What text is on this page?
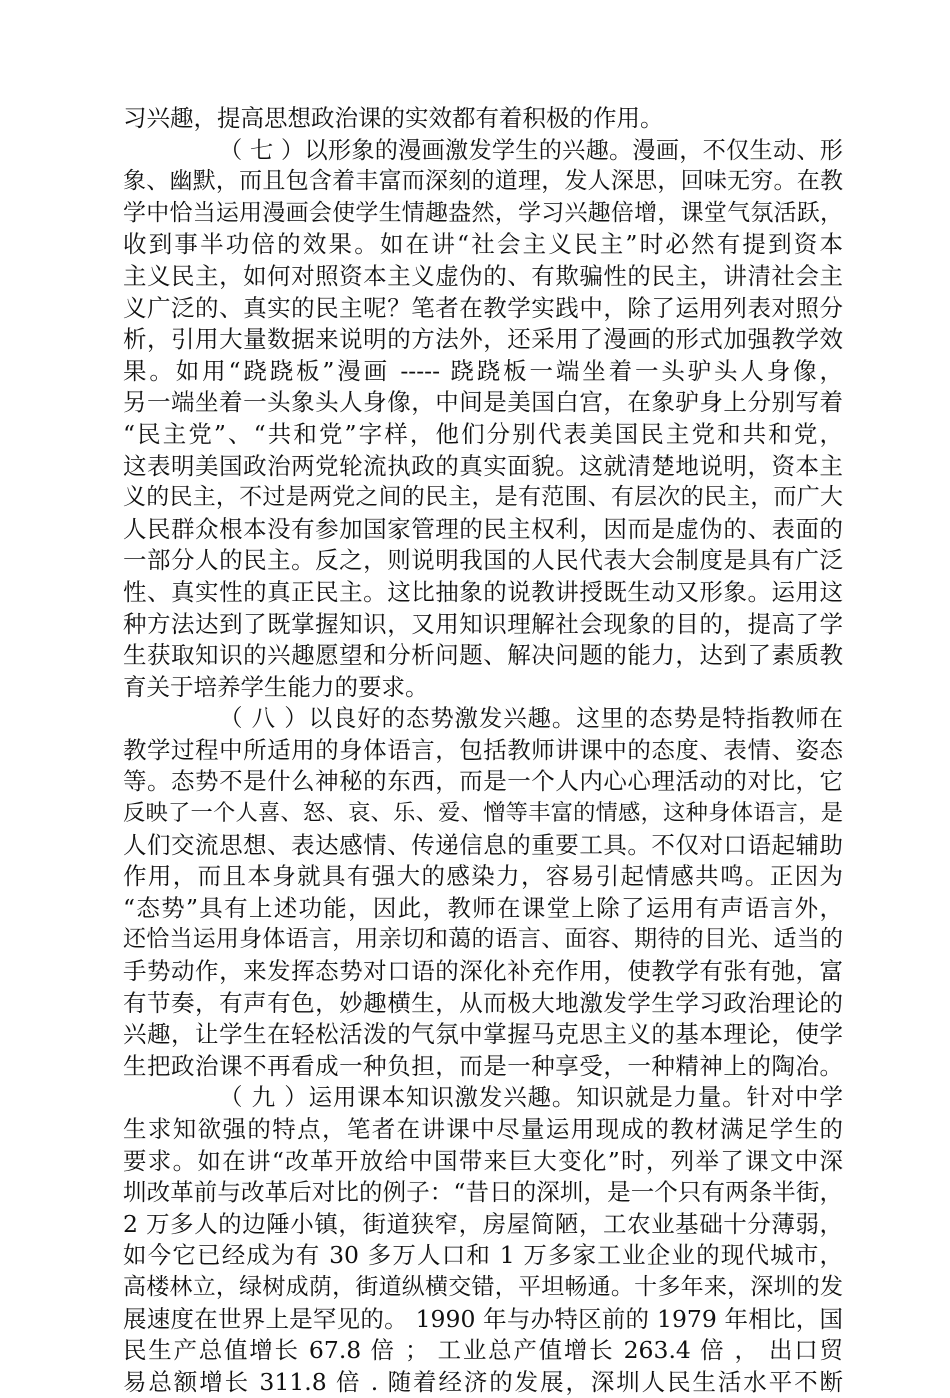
习兴趣，提高思想政治课的实效都有着积极的作用。
（ 七 ）以形象的漫画激发学生的兴趣。漫画，不仅生动、形
象、幽默，而且包含着丰富而深刻的道理，发人深思，回味无穷。在教
学中恰当运用漫画会使学生情趣盎然，学习兴趣倍增，课堂气氛活跃，
收到事半功倍的效果。如在讲“社会主义民主”时必然有提到资本
主义民主，如何对照资本主义虚伪的、有欺骗性的民主，讲清社会主
义广泛的、真实的民主呢？笔者在教学实践中，除了运用列表对照分
析，引用大量数据来说明的方法外，还采用了漫画的形式加强教学效
果。如用“跷跷板”漫画 ----- 跷跷板一端坐着一头驴头人身像，
另一端坐着一头象头人身像，中间是美国白宫，在象驴身上分别写着
“民主党”、“共和党”字样，他们分别代表美国民主党和共和党，
这表明美国政治两党轮流执政的真实面貌。这就清楚地说明，资本主
义的民主，不过是两党之间的民主，是有范围、有层次的民主，而广大
人民群众根本没有参加国家管理的民主权利，因而是虚伪的、表面的
一部分人的民主。反之，则说明我国的人民代表大会制度是具有广泛
性、真实性的真正民主。这比抽象的说教讲授既生动又形象。运用这
种方法达到了既掌握知识，又用知识理解社会现象的目的，提高了学
生获取知识的兴趣愿望和分析问题、解决问题的能力，达到了素质教
育关于培养学生能力的要求。
（ 八 ）以良好的态势激发兴趣。这里的态势是特指教师在
教学过程中所适用的身体语言，包括教师讲课中的态度、表情、姿态
等。态势不是什么神秘的东西，而是一个人内心心理活动的对比，它
反映了一个人喜、怒、哀、乐、爱、憎等丰富的情感，这种身体语言，是
人们交流思想、表达感情、传递信息的重要工具。不仅对口语起辅助
作用，而且本身就具有强大的感染力，容易引起情感共鸣。正因为
“态势”具有上述功能，因此，教师在课堂上除了运用有声语言外，
还恰当运用身体语言，用亲切和蔼的语言、面容、期待的目光、适当的
手势动作，来发挥态势对口语的深化补充作用，使教学有张有弛，富
有节奏，有声有色，妙趣横生，从而极大地激发学生学习政治理论的
兴趣，让学生在轻松活泼的气氛中掌握马克思主义的基本理论，使学
生把政治课不再看成一种负担，而是一种享受，一种精神上的陶冶。
（ 九 ）运用课本知识激发兴趣。知识就是力量。针对中学
生求知欲强的特点，笔者在讲课中尽量运用现成的教材满足学生的
要求。如在讲“改革开放给中国带来巨大变化”时，列举了课文中深
圳改革前与改革后对比的例子：“昔日的深圳，是一个只有两条半街，
2 万多人的边陲小镇，街道狭窄，房屋简陋，工农业基础十分薄弱，
如今它已经成为有 30 多万人口和 1 万多家工业企业的现代城市，
高楼林立，绿树成荫，街道纵横交错，平坦畅通。十多年来，深圳的发
展速度在世界上是罕见的。 1990 年与办特区前的 1979 年相比，国
民生产总值增长 67.8 倍 ； 工业总产值增长 263.4 倍 ， 出口贸
易总额增长 311.8 倍 . 随着经济的发展，深圳人民生活水平不断
